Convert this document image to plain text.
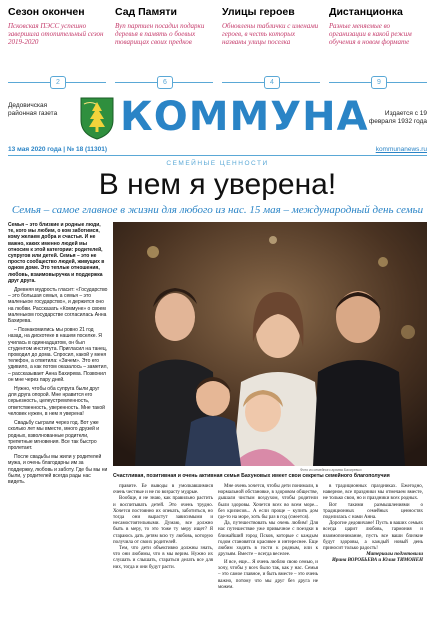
Сезон окончен
Псковская ПЭСС успешно завершила отопительный сезон 2019-2020
2
Сад Памяти
Вуп партиен посадил подарки деревья в память о боевых товарищах своих предков
6
Улицы героев
Обновлены таблички с именами героев, в честь которых названы улицы поселка
4
Дистанционка
Разные меняемые во организации в какой режим обучения в новом формате
9
Дедовичская районная газета	КОММУНА	Издается с 19 февраля 1932 года
13 мая 2020 года | № 18 (11301)	kommunanews.ru
СЕМЕЙНЫЕ ЦЕННОСТИ
В нем я уверена!
Семья – самое главное в жизни для любого из нас. 15 мая – международный день семьи

Семья – это близкие и родные люди, те, кого мы любим, о ком заботимся, кому желаем добра и счастья. И не важно, каких именно людей мы относим к этой категории: родителей, супругов или детей. Семья – это не просто сообщество людей, живущих в одном доме. Это теплые отношения, любовь, взаимовыручка и поддержка друг друга.

Древняя мудрость гласит: «Государство – это большая семья, а семья – это маленькое государство», и держится оно на любви. Рассказать «Коммуне» о своем маленьком государстве согласилась Анна Бахирева.

– Познакомились мы ровно 21 год назад, на дискотеке в нашем поселке. Я училась в одиннадцатом, он был студентом института. Пригласил на танец, проводил до дома. Спросил, какой у меня телефон, а ответила: «Зачем». Это его удивило, а как потом оказалось – заметил, – рассказывает Анна Бахирева. Позвонил он мне через пару дней.

Нужно, чтобы оба супруга были друг для друга опорой. Мне нравится его серьезность, целеустремленность, ответственность, уверенность. Мне такой человек нужен, в нем я уверена!

Свадьбу сыграли через год. Вот уже сколько лет мы вместе, много друзей и родных, взволнованные родители, трепетные мгновения. Все так быстро пролетает.

После свадьбы мы жили у родителей мужа, и очень благодарны им за поддержку, любовь и заботу. Где бы мы ни были, у родителей всегда рады нас видеть.

Фото из семейного архива Бахиревых
Счастливая, позитивная и очень активная семья Бахуновых имеет свои секреты семейного благополучия

правите. Ее выводы в умолкавшимися очень честные и не по возрасту мудрые.

Вообще, я не знаю, как правильно растить и воспитывать детей. Это очень трудно. Хочется постоянно их опекать, заботиться, но тогда они вырастут зависимыми и несамостоятельными. Думаю, все должно быть в меру, то это тоже ту меру ищет? Я стараюсь дать детям всю ту любовь, которую получила от своих родителей.

Тем, что дети объективно должны знать, что они любимы, что в мы верим. Нужно их слушать и слышать, стараться делать все для них, тогда и они будут расти.

Мне очень хочется, чтобы дети понимали, в нормальной обстановке, в здоровом обществе, дышали чистым воздухом, чтобы родители были здоровы. Хочется всех во всем море... без кризисов... А если проще – купить дом где-то на море, хоть бы раз в год (смеется).

Да, путешествовать мы очень любим! Для нас путешествие уже привычное с поездки в ближайший город Псков, которые с каждым годом становятся красивее и интереснее. Еще любим ходить в гости к родным, или к друзьям. Вместе – всегда веселее.

в традиционных праздниках. Ежегодно, наверное, все праздники мы отмечаем вместе, не только свои, но и праздники всех родных.

Вот такими размышлениями о традиционных семейных ценностях поделилась с нами Анна.

Дорогие дедовичане! Пусть в ваших семьях всегда царит любовь, гармония и взаимопонимание, пусть все ваши близкие будут здоровы, а каждый новый день приносит только радость!

Материалы подготовили

Ирина ВОРОБЬЕВА и Юлия ТИМОНЕН

И все, еще... Я очень люблю свою семью, и хочу, чтобы у всех было так, как у нас. Семья – это самое главное, и быть вместе – это очень важно, потому что мы друг без друга не можем.
